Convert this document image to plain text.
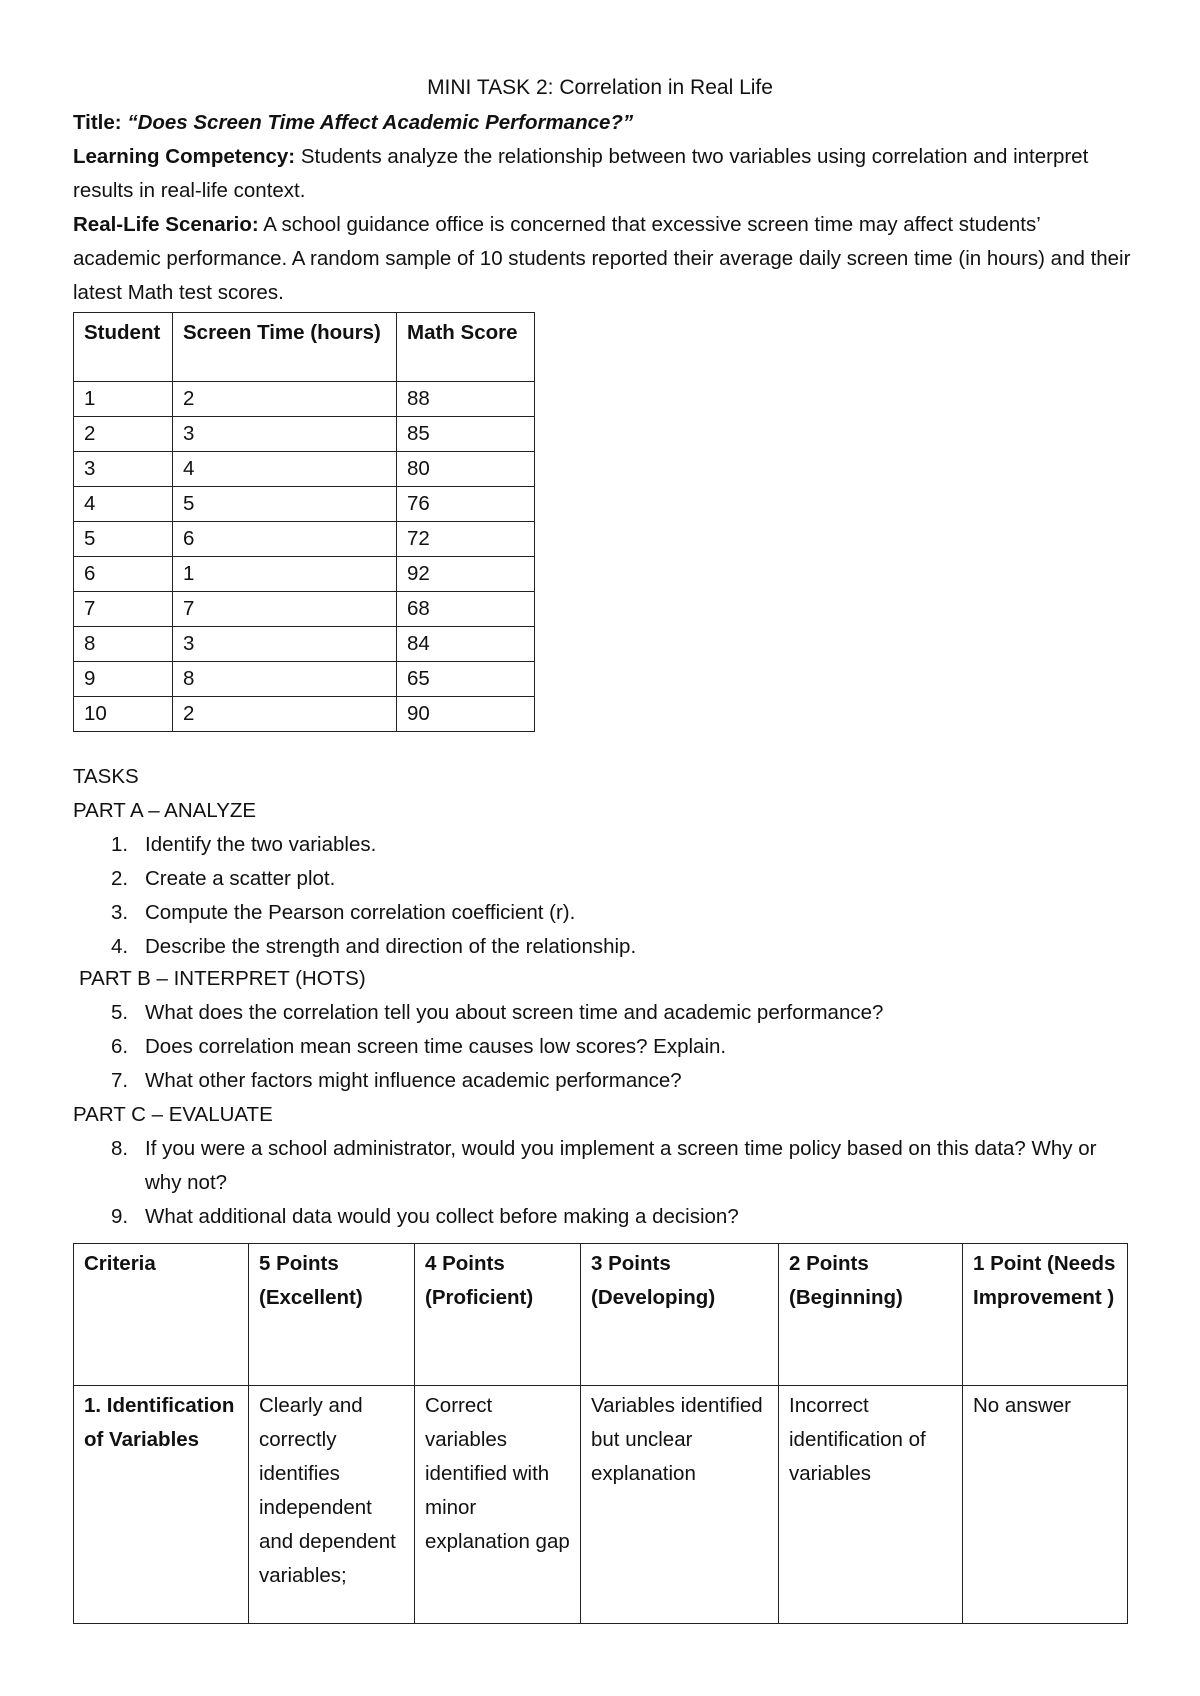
MINI TASK 2: Correlation in Real Life
Title: “Does Screen Time Affect Academic Performance?”
Learning Competency: Students analyze the relationship between two variables using correlation and interpret results in real-life context.
Real-Life Scenario: A school guidance office is concerned that excessive screen time may affect students’ academic performance. A random sample of 10 students reported their average daily screen time (in hours) and their latest Math test scores.
Student	Screen Time (hours)	Math Score
1	2	88
2	3	85
3	4	80
4	5	76
5	6	72
6	1	92
7	7	68
8	3	84
9	8	65
10	2	90
TASKS
PART A – ANALYZE
1. Identify the two variables.
2. Create a scatter plot.
3. Compute the Pearson correlation coefficient (r).
4. Describe the strength and direction of the relationship.
PART B – INTERPRET (HOTS)
5. What does the correlation tell you about screen time and academic performance?
6. Does correlation mean screen time causes low scores? Explain.
7. What other factors might influence academic performance?
PART C – EVALUATE
8. If you were a school administrator, would you implement a screen time policy based on this data? Why or why not?
9. What additional data would you collect before making a decision?
Criteria	5 Points (Excellent)	4 Points (Proficient)	3 Points (Developing)	2 Points (Beginning)	1 Point (Needs Improvement )
1. Identification of Variables	Clearly and correctly identifies independent and dependent variables;	Correct variables identified with minor explanation gap	Variables identified but unclear explanation	Incorrect identification of variables	No answer
